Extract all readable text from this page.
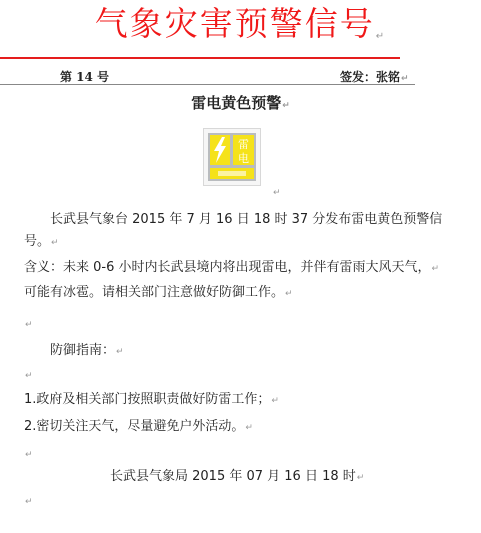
气象灾害预警信号↵
第 14 号	签发：张铭↵
雷电黄色预警↵
雷
电
↵
长武县气象台 2015 年 7 月 16 日 18 时 37 分发布雷电黄色预警信
号。↵
含义：未来 0-6 小时内长武县境内将出现雷电，并伴有雷雨大风天气，↵
可能有冰雹。请相关部门注意做好防御工作。↵
↵
防御指南：↵
↵
1.政府及相关部门按照职责做好防雷工作；↵
2.密切关注天气，尽量避免户外活动。↵
↵
长武县气象局 2015 年 07 月 16 日 18 时↵
↵
